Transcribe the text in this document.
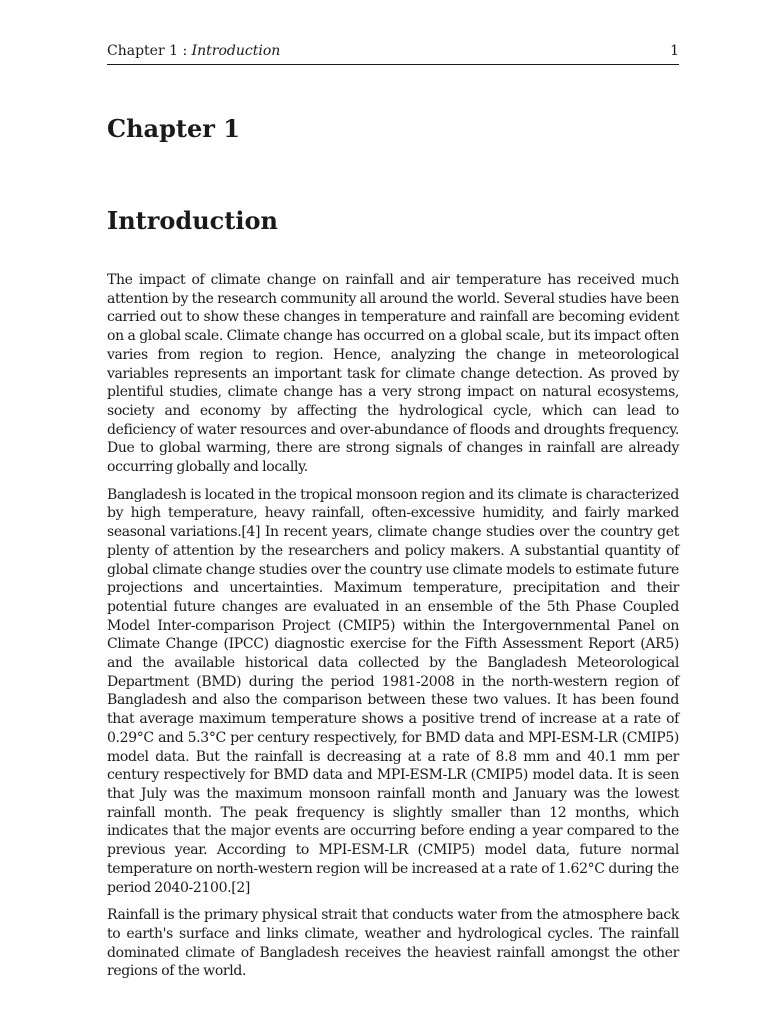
Chapter 1 : Introduction	1
Chapter 1
Introduction

The impact of climate change on rainfall and air temperature has received much attention by the research community all around the world. Several studies have been carried out to show these changes in temperature and rainfall are becoming evident on a global scale. Climate change has occurred on a global scale, but its impact often varies from region to region. Hence, analyzing the change in meteorological variables represents an important task for climate change detection. As proved by plentiful studies, climate change has a very strong impact on natural ecosystems, society and economy by affecting the hydrological cycle, which can lead to deficiency of water resources and over-abundance of floods and droughts frequency. Due to global warming, there are strong signals of changes in rainfall are already occurring globally and locally.

Bangladesh is located in the tropical monsoon region and its climate is characterized by high temperature, heavy rainfall, often-excessive humidity, and fairly marked seasonal variations.[4] In recent years, climate change studies over the country get plenty of attention by the researchers and policy makers. A substantial quantity of global climate change studies over the country use climate models to estimate future projections and uncertainties. Maximum temperature, precipitation and their potential future changes are evaluated in an ensemble of the 5th Phase Coupled Model Inter-comparison Project (CMIP5) within the Intergovernmental Panel on Climate Change (IPCC) diagnostic exercise for the Fifth Assessment Report (AR5) and the available historical data collected by the Bangladesh Meteorological Department (BMD) during the period 1981-2008 in the north-western region of Bangladesh and also the comparison between these two values. It has been found that average maximum temperature shows a positive trend of increase at a rate of 0.29°C and 5.3°C per century respectively, for BMD data and MPI-ESM-LR (CMIP5) model data. But the rainfall is decreasing at a rate of 8.8 mm and 40.1 mm per century respectively for BMD data and MPI-ESM-LR (CMIP5) model data. It is seen that July was the maximum monsoon rainfall month and January was the lowest rainfall month. The peak frequency is slightly smaller than 12 months, which indicates that the major events are occurring before ending a year compared to the previous year. According to MPI-ESM-LR (CMIP5) model data, future normal temperature on north-western region will be increased at a rate of 1.62°C during the period 2040-2100.[2]

Rainfall is the primary physical strait that conducts water from the atmosphere back to earth's surface and links climate, weather and hydrological cycles. The rainfall dominated climate of Bangladesh receives the heaviest rainfall amongst the other regions of the world.
